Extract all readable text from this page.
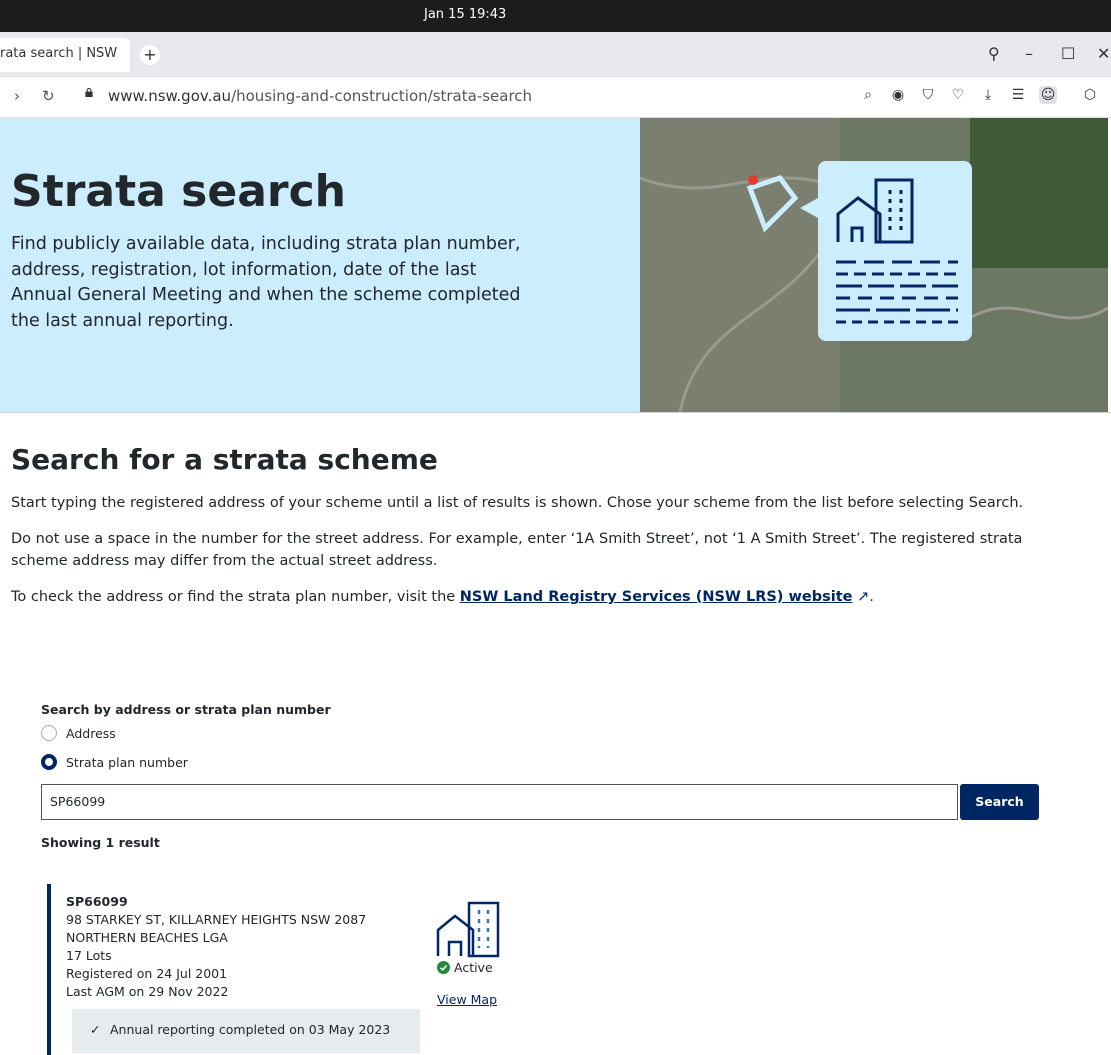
Jan 15 19:43
rata search | NSW +	⚲ – ☐ ✕
› ↻	www.nsw.gov.au/housing-and-construction/strata-search	⌕	◉ ⛉ ♡	⤓	☰ ☺ ⬡
Strata search

Find publicly available data, including strata plan number, address, registration, lot information, date of the last Annual General Meeting and when the scheme completed the last annual reporting.

Search for a strata scheme

Start typing the registered address of your scheme until a list of results is shown. Chose your scheme from the list before selecting Search.

Do not use a space in the number for the street address. For example, enter ‘1A Smith Street’, not ‘1 A Smith Street’. The registered strata scheme address may differ from the actual street address.

To check the address or find the strata plan number, visit the NSW Land Registry Services (NSW LRS) website ↗.

Search by address or strata plan number
Address
Strata plan number
SP66099	Search
Showing 1 result
SP66099
98 STARKEY ST, KILLARNEY HEIGHTS NSW 2087
NORTHERN BEACHES LGA
17 Lots
Registered on 24 Jul 2001
Last AGM on 29 Nov 2022
✓ Annual reporting completed on 03 May 2023
Active
View Map
